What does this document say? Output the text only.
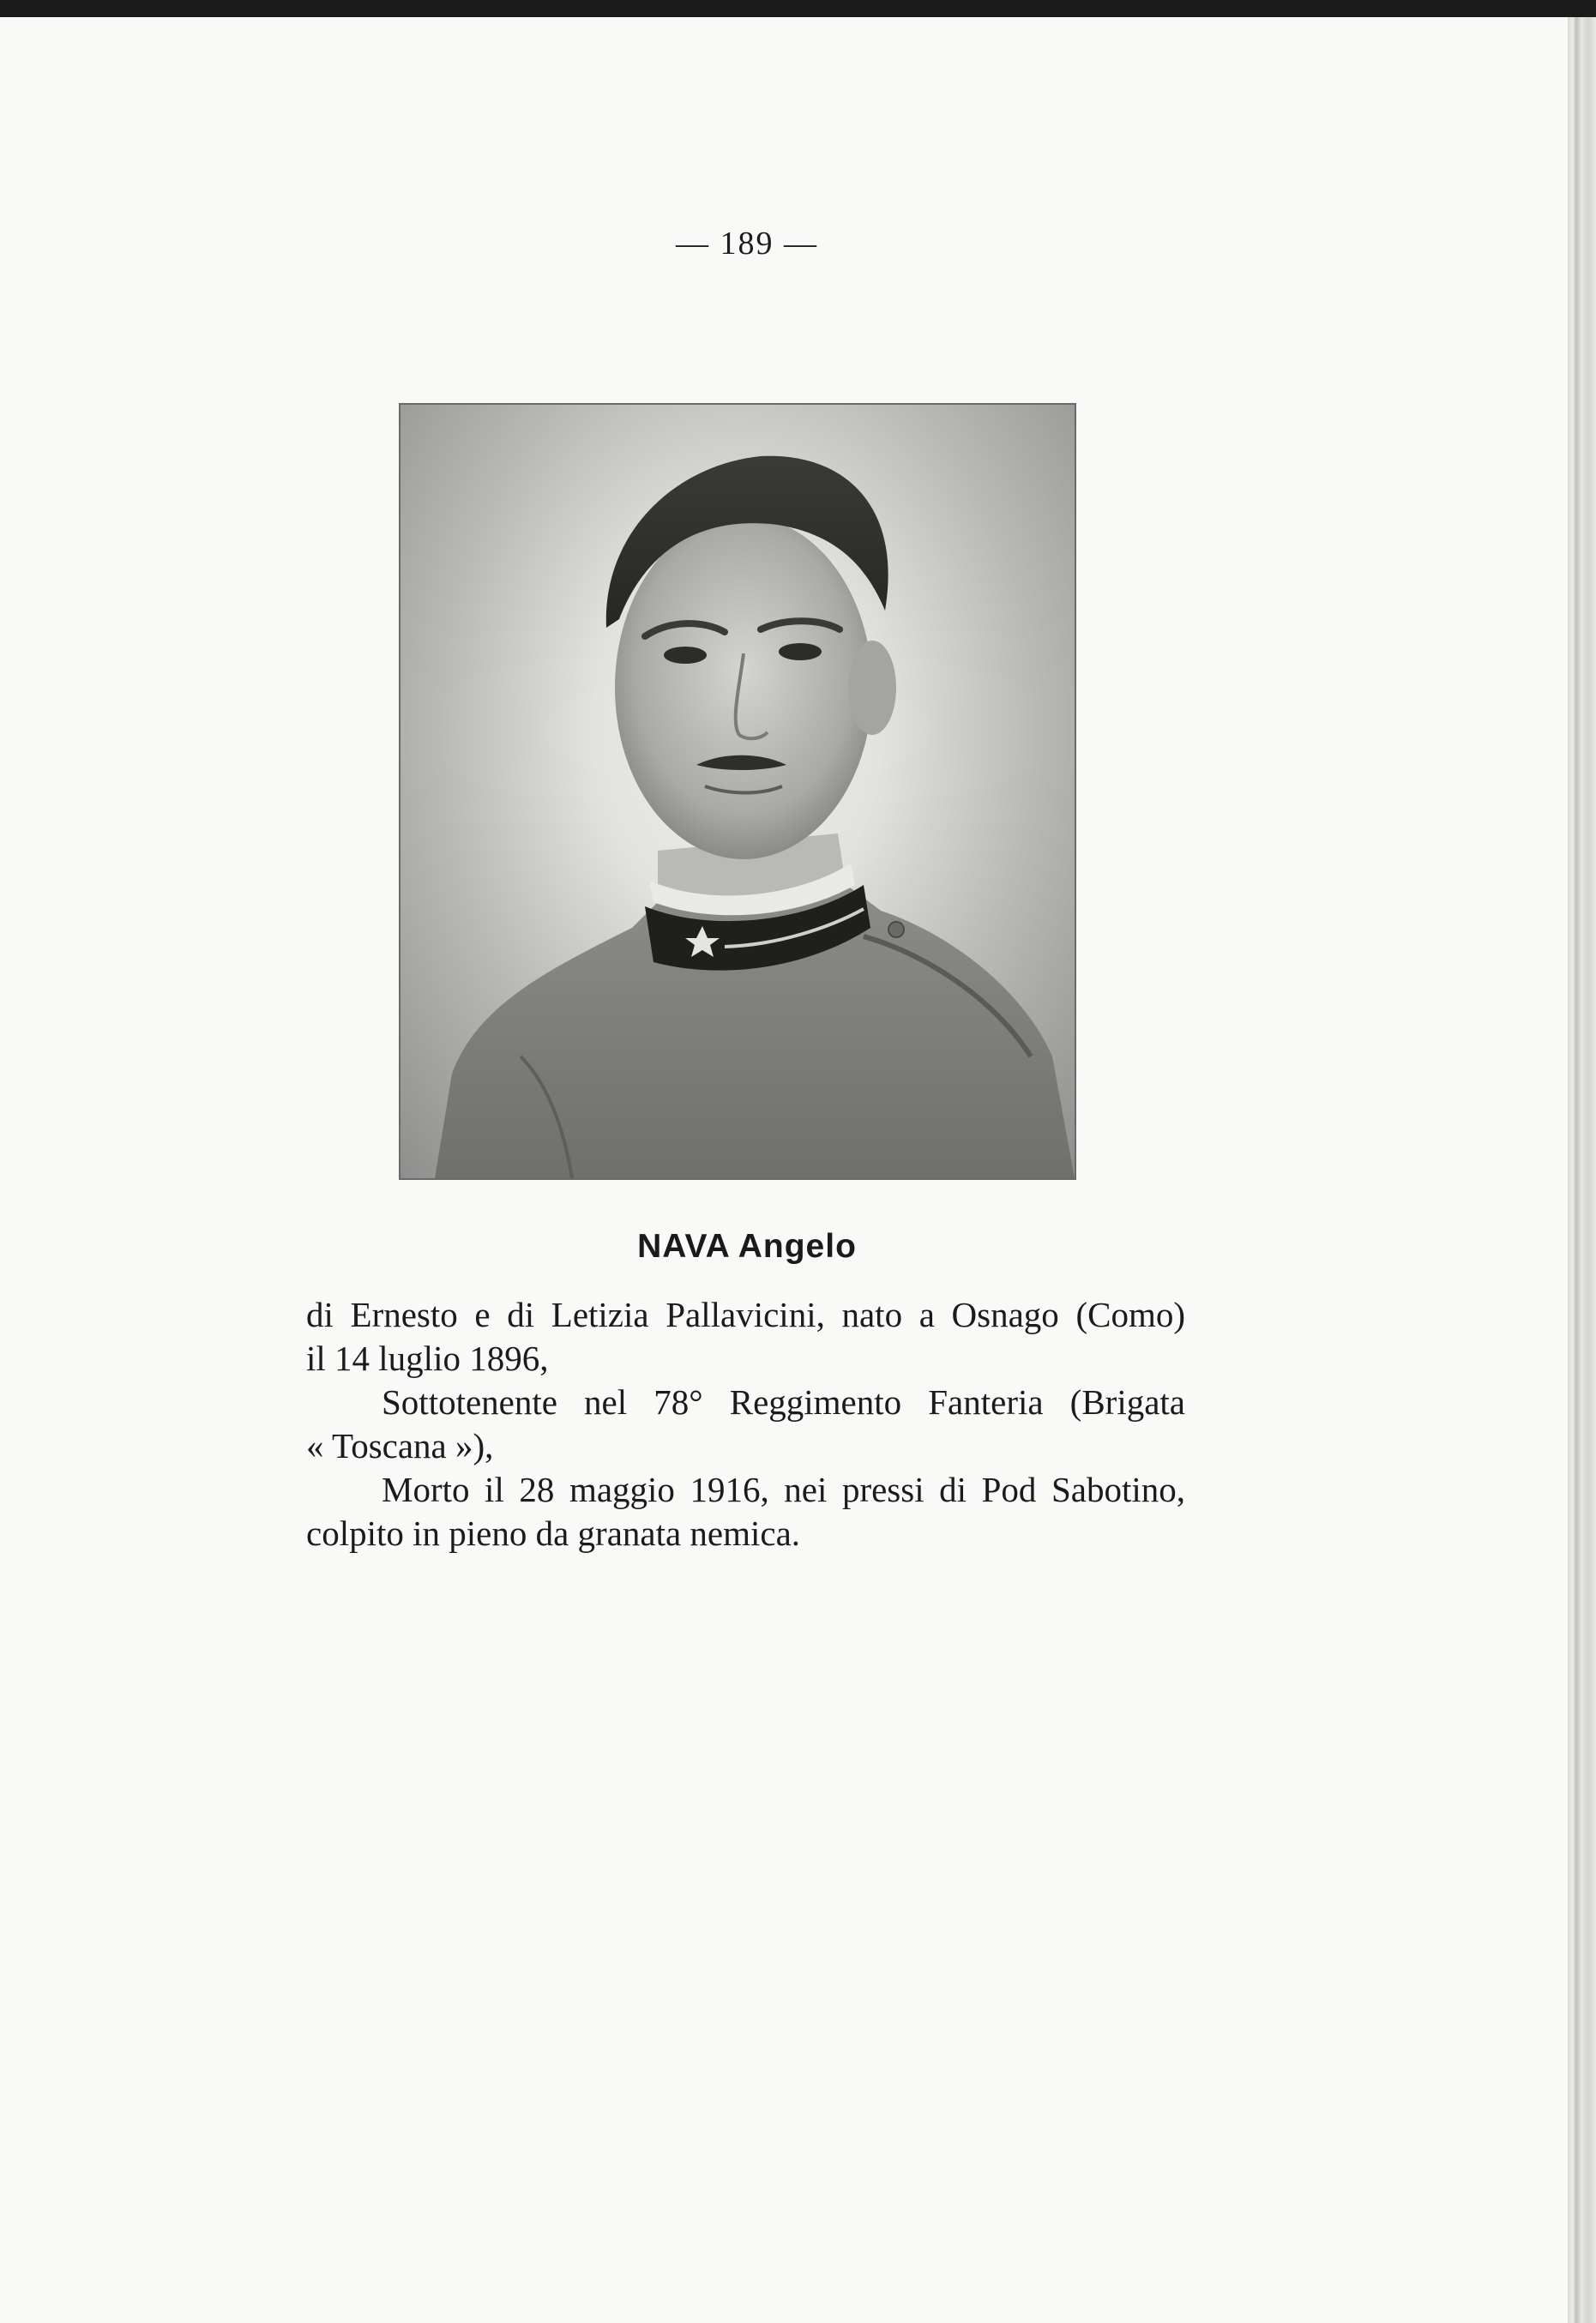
— 189 —
NAVA Angelo

di Ernesto e di Letizia Pallavicini, nato a Osnago (Como)

il 14 luglio 1896,

Sottotenente nel 78° Reggimento Fanteria (Brigata

« Toscana »),

Morto il 28 maggio 1916, nei pressi di Pod Sabotino,

colpito in pieno da granata nemica.
